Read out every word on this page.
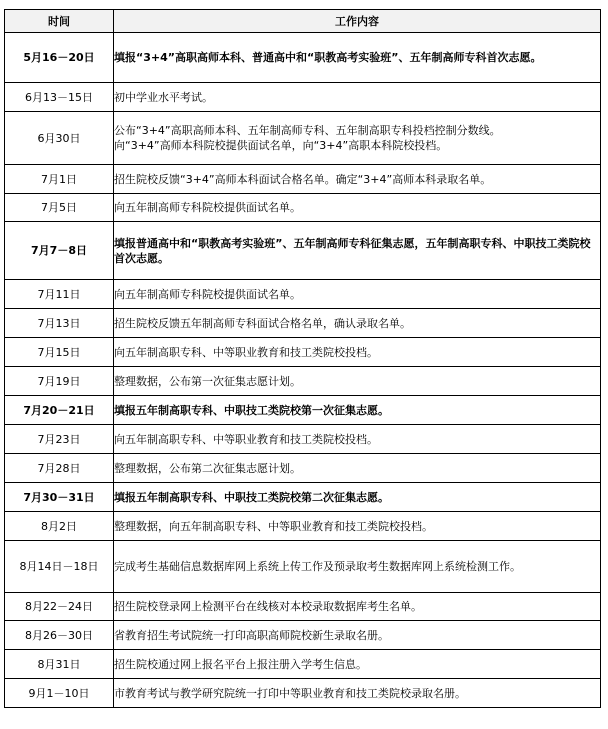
时间	工作内容
5月16－20日	填报“3+4”高职高师本科、普通高中和“职教高考实验班”、五年制高师专科首次志愿。

6月13－15日	初中学业水平考试。

6月30日	公布“3+4”高职高师本科、五年制高师专科、五年制高职专科投档控制分数线。
向“3+4”高师本科院校提供面试名单，向“3+4”高职本科院校投档。

7月1日	招生院校反馈“3+4”高师本科面试合格名单。确定“3+4”高师本科录取名单。

7月5日	向五年制高师专科院校提供面试名单。

7月7－8日	填报普通高中和“职教高考实验班”、五年制高师专科征集志愿，五年制高职专科、中职技工类院校首次志愿。

7月11日	向五年制高师专科院校提供面试名单。

7月13日	招生院校反馈五年制高师专科面试合格名单，确认录取名单。

7月15日	向五年制高职专科、中等职业教育和技工类院校投档。

7月19日	整理数据，公布第一次征集志愿计划。

7月20－21日	填报五年制高职专科、中职技工类院校第一次征集志愿。

7月23日	向五年制高职专科、中等职业教育和技工类院校投档。

7月28日	整理数据，公布第二次征集志愿计划。

7月30－31日	填报五年制高职专科、中职技工类院校第二次征集志愿。

8月2日	整理数据，向五年制高职专科、中等职业教育和技工类院校投档。

8月14日－18日	完成考生基础信息数据库网上系统上传工作及预录取考生数据库网上系统检测工作。

8月22－24日	招生院校登录网上检测平台在线核对本校录取数据库考生名单。

8月26－30日	省教育招生考试院统一打印高职高师院校新生录取名册。

8月31日	招生院校通过网上报名平台上报注册入学考生信息。

9月1－10日	市教育考试与教学研究院统一打印中等职业教育和技工类院校录取名册。
